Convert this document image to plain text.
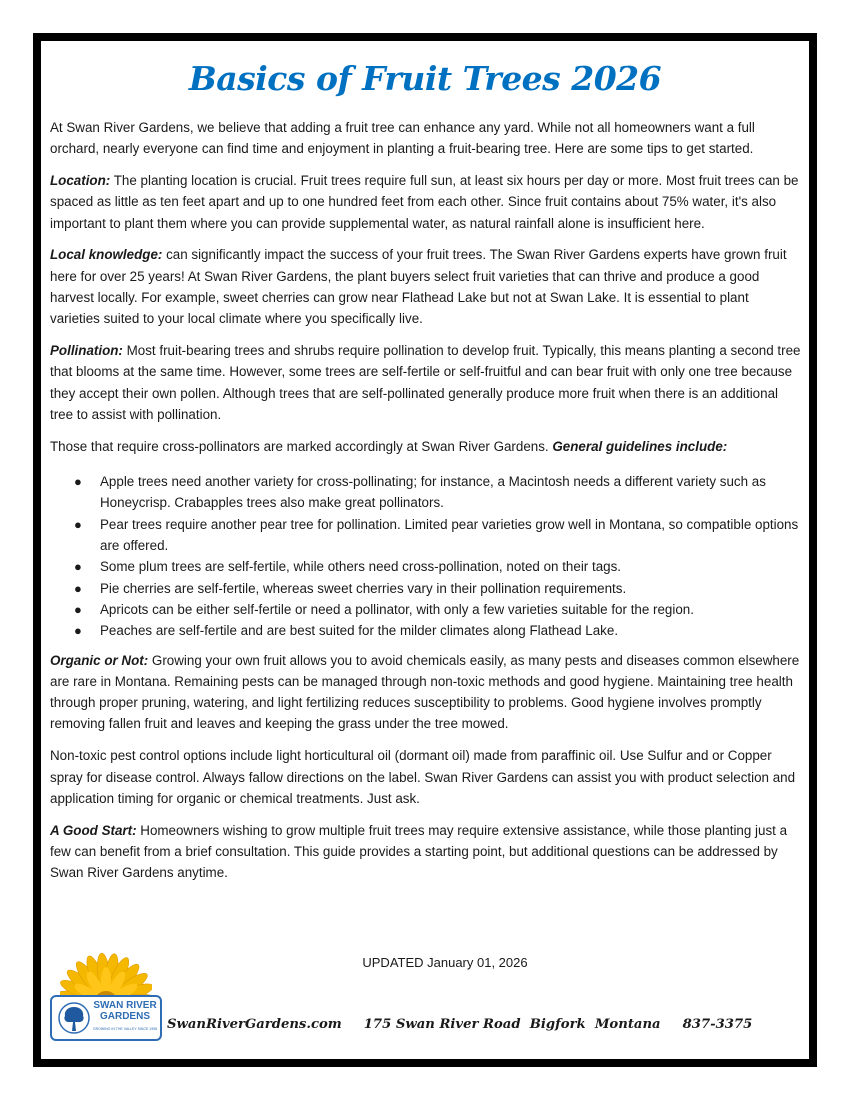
Basics of Fruit Trees 2026

At Swan River Gardens, we believe that adding a fruit tree can enhance any yard. While not all homeowners want a full orchard, nearly everyone can find time and enjoyment in planting a fruit-bearing tree. Here are some tips to get started.

Location: The planting location is crucial. Fruit trees require full sun, at least six hours per day or more. Most fruit trees can be spaced as little as ten feet apart and up to one hundred feet from each other. Since fruit contains about 75% water, it's also important to plant them where you can provide supplemental water, as natural rainfall alone is insufficient here.

Local knowledge: can significantly impact the success of your fruit trees. The Swan River Gardens experts have grown fruit here for over 25 years! At Swan River Gardens, the plant buyers select fruit varieties that can thrive and produce a good harvest locally. For example, sweet cherries can grow near Flathead Lake but not at Swan Lake. It is essential to plant varieties suited to your local climate where you specifically live.

Pollination: Most fruit-bearing trees and shrubs require pollination to develop fruit. Typically, this means planting a second tree that blooms at the same time. However, some trees are self-fertile or self-fruitful and can bear fruit with only one tree because they accept their own pollen. Although trees that are self-pollinated generally produce more fruit when there is an additional tree to assist with pollination.

Those that require cross-pollinators are marked accordingly at Swan River Gardens. General guidelines include:

● Apple trees need another variety for cross-pollinating; for instance, a Macintosh needs a different variety such as Honeycrisp. Crabapples trees also make great pollinators.
● Pear trees require another pear tree for pollination. Limited pear varieties grow well in Montana, so compatible options are offered.
● Some plum trees are self-fertile, while others need cross-pollination, noted on their tags.
● Pie cherries are self-fertile, whereas sweet cherries vary in their pollination requirements.
● Apricots can be either self-fertile or need a pollinator, with only a few varieties suitable for the region.
● Peaches are self-fertile and are best suited for the milder climates along Flathead Lake.

Organic or Not: Growing your own fruit allows you to avoid chemicals easily, as many pests and diseases common elsewhere are rare in Montana. Remaining pests can be managed through non-toxic methods and good hygiene. Maintaining tree health through proper pruning, watering, and light fertilizing reduces susceptibility to problems. Good hygiene involves promptly removing fallen fruit and leaves and keeping the grass under the tree mowed.

Non-toxic pest control options include light horticultural oil (dormant oil) made from paraffinic oil. Use Sulfur and or Copper spray for disease control. Always fallow directions on the label. Swan River Gardens can assist you with product selection and application timing for organic or chemical treatments. Just ask.

A Good Start: Homeowners wishing to grow multiple fruit trees may require extensive assistance, while those planting just a few can benefit from a brief consultation. This guide provides a starting point, but additional questions can be addressed by Swan River Gardens anytime.

UPDATED January 01, 2026
SWAN RIVER
GARDENS
GROWING IN THE VALLEY SINCE 1958 SwanRiverGardens.com 175 Swan River Road  Bigfork  Montana 837-3375
